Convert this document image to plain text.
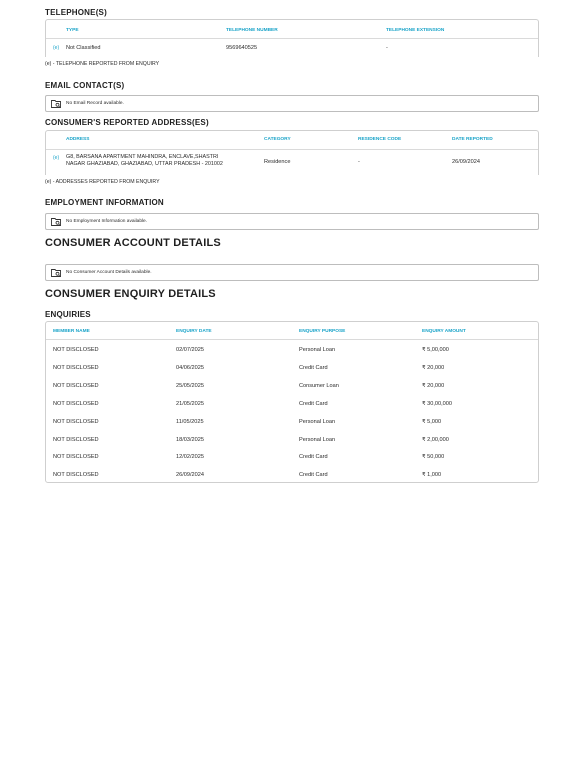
TELEPHONE(S)
TYPE	TELEPHONE NUMBER	TELEPHONE EXTENSION
(e) Not Classified	9569640525	-
(e) - TELEPHONE REPORTED FROM ENQUIRY
EMAIL CONTACT(S)
No Email Record available.
CONSUMER'S REPORTED ADDRESS(ES)
ADDRESS	CATEGORY	RESIDENCE CODE	DATE REPORTED
(e) G8, BARSANA APARTMENT MAHINDRA, ENCLAVE,SHASTRI
NAGAR GHAZIABAD, GHAZIABAD, UTTAR PRADESH - 201002	Residence	-	26/09/2024
(e) - ADDRESSES REPORTED FROM ENQUIRY
EMPLOYMENT INFORMATION
No Employment Information available.
CONSUMER ACCOUNT DETAILS
No Consumer Account Details available.
CONSUMER ENQUIRY DETAILS
ENQUIRIES
MEMBER NAME	ENQUIRY DATE	ENQUIRY PURPOSE	ENQUIRY AMOUNT
NOT DISCLOSED	02/07/2025	Personal Loan	₹ 5,00,000
NOT DISCLOSED	04/06/2025	Credit Card	₹ 20,000
NOT DISCLOSED	25/05/2025	Consumer Loan	₹ 20,000
NOT DISCLOSED	21/05/2025	Credit Card	₹ 30,00,000
NOT DISCLOSED	11/05/2025	Personal Loan	₹ 5,000
NOT DISCLOSED	18/03/2025	Personal Loan	₹ 2,00,000
NOT DISCLOSED	12/02/2025	Credit Card	₹ 50,000
NOT DISCLOSED	26/09/2024	Credit Card	₹ 1,000
